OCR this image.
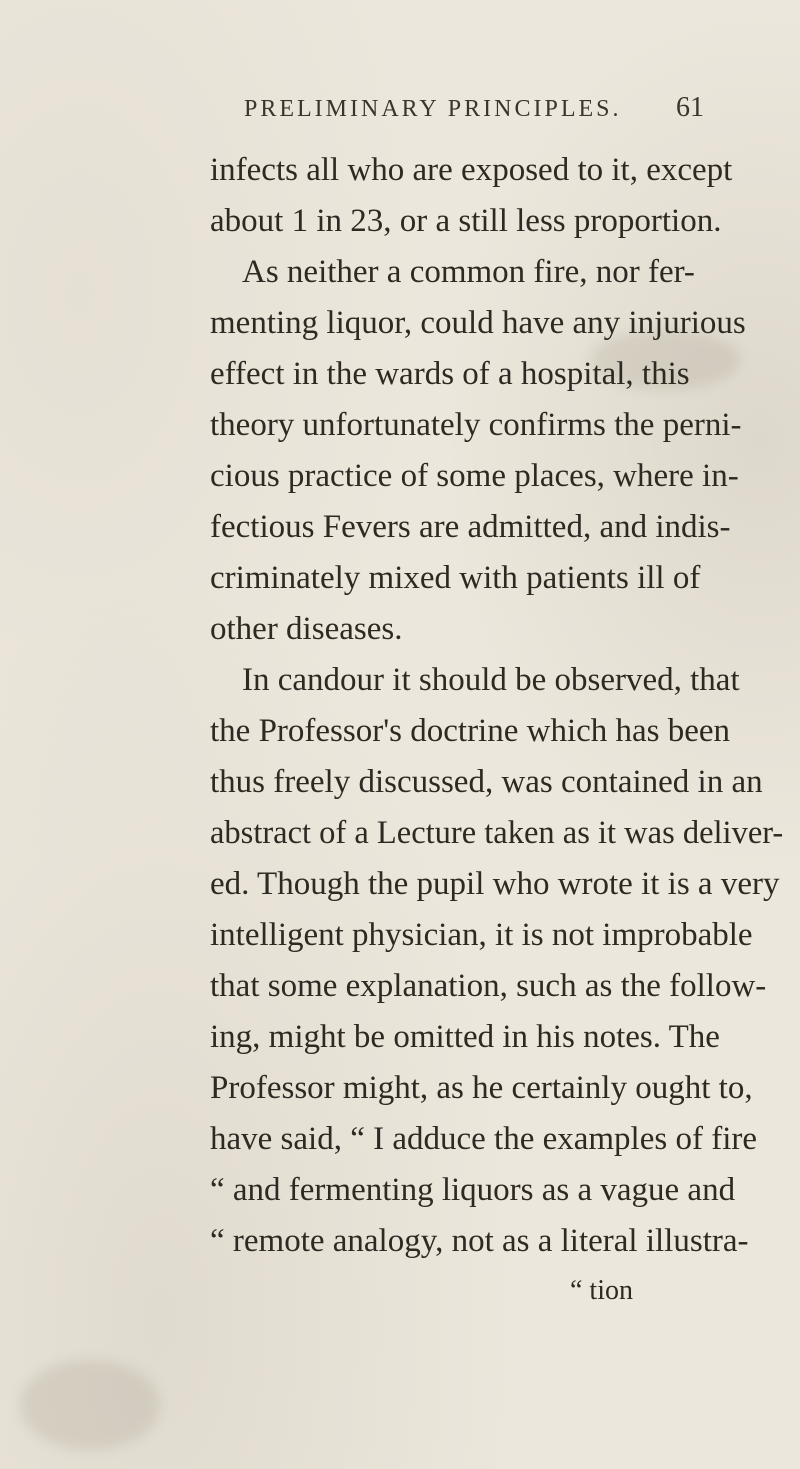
PRELIMINARY PRINCIPLES. 61
infects all who are exposed to it, except
about 1 in 23, or a still less proportion.
As neither a common fire, nor fer-
menting liquor, could have any injurious
effect in the wards of a hospital, this
theory unfortunately confirms the perni-
cious practice of some places, where in-
fectious Fevers are admitted, and indis-
criminately mixed with patients ill of
other diseases.
In candour it should be observed, that
the Professor's doctrine which has been
thus freely discussed, was contained in an
abstract of a Lecture taken as it was deliver-
ed. Though the pupil who wrote it is a very
intelligent physician, it is not improbable
that some explanation, such as the follow-
ing, might be omitted in his notes. The
Professor might, as he certainly ought to,
have said, “ I adduce the examples of fire
“ and fermenting liquors as a vague and
“ remote analogy, not as a literal illustra-
“ tion
